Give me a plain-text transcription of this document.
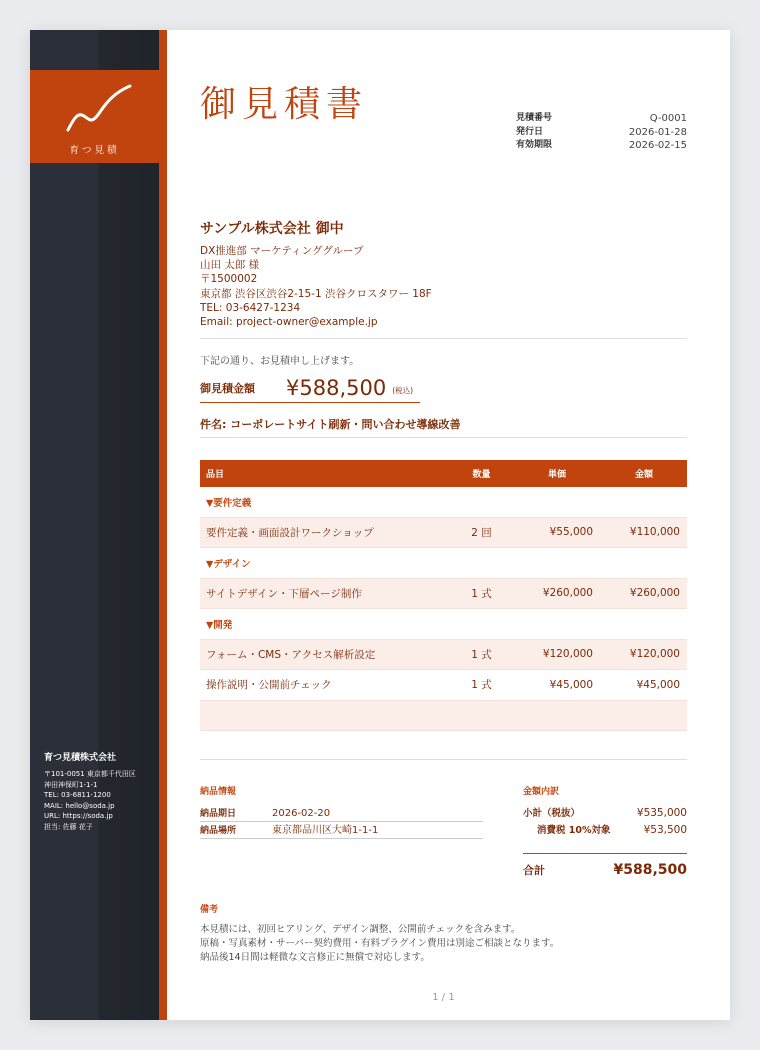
育つ見積
育つ見積株式会社
〒101-0051 東京都千代田区
神田神保町1-1-1
TEL: 03-6811-1200
MAIL: hello@soda.jp
URL: https://soda.jp
担当: 佐藤 花子
御見積書	見積番号	Q-0001
発行日	2026-01-28
有効期限	2026-02-15
サンプル株式会社 御中
DX推進部 マーケティンググループ
山田 太郎 様
〒1500002
東京都 渋谷区渋谷2-15-1 渋谷クロスタワー 18F
TEL: 03-6427-1234
Email: project-owner@example.jp
下記の通り、お見積申し上げます。
御見積金額	¥588,500 (税込)
件名: コーポレートサイト刷新・問い合わせ導線改善
品目	数量	単価	金額
▼要件定義
要件定義・画面設計ワークショップ	2 回	¥55,000	¥110,000
▼デザイン
サイトデザイン・下層ページ制作	1 式	¥260,000	¥260,000
▼開発
フォーム・CMS・アクセス解析設定	1 式	¥120,000	¥120,000
操作説明・公開前チェック	1 式	¥45,000	¥45,000
納品情報
納品期日	2026-02-20
納品場所	東京都品川区大崎1-1-1
金額内訳
小計（税抜）	¥535,000
消費税 10%対象	¥53,500
合計	¥588,500
備考
本見積には、初回ヒアリング、デザイン調整、公開前チェックを含みます。
原稿・写真素材・サーバー契約費用・有料プラグイン費用は別途ご相談となります。
納品後14日間は軽微な文言修正に無償で対応します。
1 / 1
